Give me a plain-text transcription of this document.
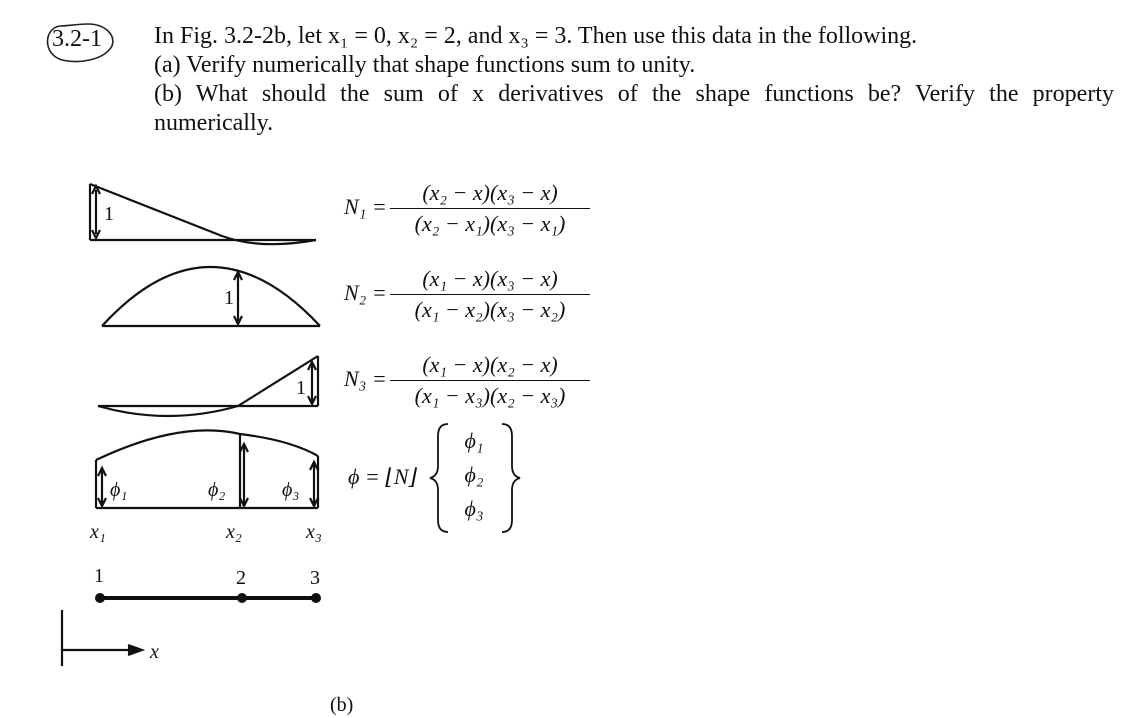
3.2-1 In Fig. 3.2-2b, let x₁ = 0, x₂ = 2, and x₃ = 3. Then use this data in the following.

(a) Verify numerically that shape functions sum to unity.

(b) What should the sum of x derivatives of the shape functions be? Verify the property numerically.

1
1
1
ϕ₁	ϕ₂	ϕ₃
x₁	x₂	x₃
1	2	3
x
$N_1 = \frac{\text{(x₂ − x)(x₃ − x)}}{\text{(x₂ − x₁)(x₃ − x₁)}}$
$N_2 = \frac{\text{(x₁ − x)(x₃ − x)}}{\text{(x₁ − x₂)(x₃ − x₂)}}$
$N_3 = \frac{\text{(x₁ − x)(x₂ − x)}}{\text{(x₁ − x₃)(x₂ − x₃)}}$
ϕ = ⌊N⌋
ϕ₁
ϕ₂
ϕ₃
(b)
